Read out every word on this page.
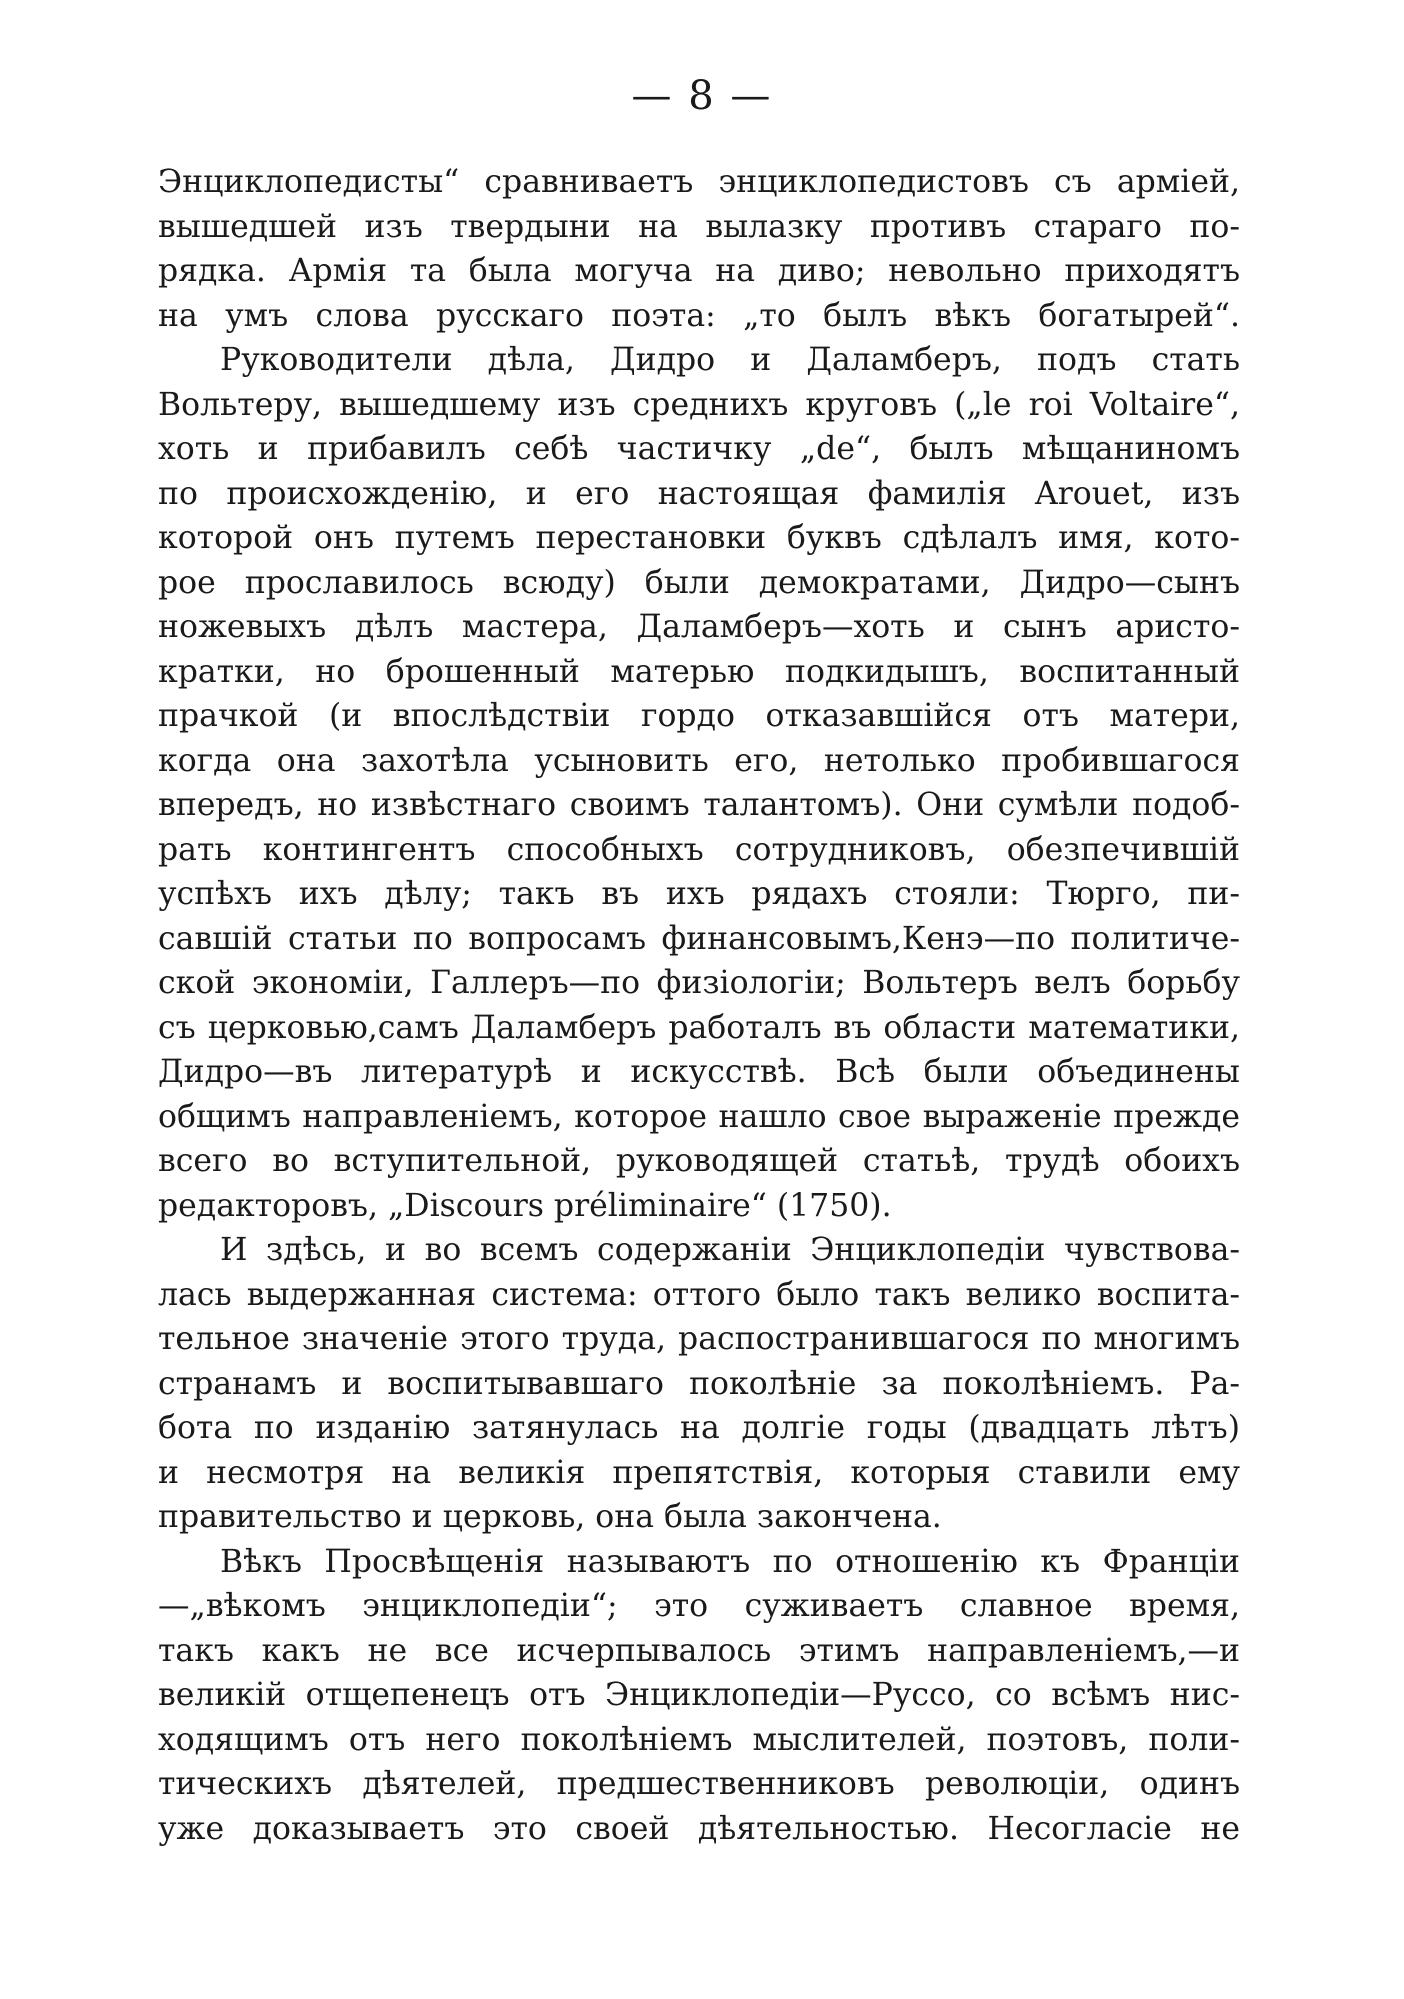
— 8 —
Энциклопедисты“ сравниваетъ энциклопедистовъ съ арміей,
вышедшей изъ твердыни на вылазку противъ стараго по-
рядка. Армія та была могуча на диво; невольно приходятъ
на умъ слова русскаго поэта: „то былъ вѣкъ богатырей“.
Руководители дѣла, Дидро и Даламберъ, подъ стать
Вольтеру, вышедшему изъ среднихъ круговъ („le roi Voltaire“,
хоть и прибавилъ себѣ частичку „de“, былъ мѣщаниномъ
по происхожденію, и его настоящая фамилія Arouet, изъ
которой онъ путемъ перестановки буквъ сдѣлалъ имя, кото-
рое прославилось всюду) были демократами, Дидро—сынъ
ножевыхъ дѣлъ мастера, Даламберъ—хоть и сынъ аристо-
кратки, но брошенный матерью подкидышъ, воспитанный
прачкой (и впослѣдствіи гордо отказавшійся отъ матери,
когда она захотѣла усыновить его, нетолько пробившагося
впередъ, но извѣстнаго своимъ талантомъ). Они сумѣли подоб-
рать контингентъ способныхъ сотрудниковъ, обезпечившій
успѣхъ ихъ дѣлу; такъ въ ихъ рядахъ стояли: Тюрго, пи-
савшій статьи по вопросамъ финансовымъ,Кенэ—по политиче-
ской экономіи, Галлеръ—по физіологіи; Вольтеръ велъ борьбу
съ церковью,самъ Даламберъ работалъ въ области математики,
Дидро—въ литературѣ и искусствѣ. Всѣ были объединены
общимъ направленіемъ, которое нашло свое выраженіе прежде
всего во вступительной, руководящей статьѣ, трудѣ обоихъ
редакторовъ, „Discours préliminaire“ (1750).
И здѣсь, и во всемъ содержаніи Энциклопедіи чувствова-
лась выдержанная система: оттого было такъ велико воспита-
тельное значеніе этого труда, распостранившагося по многимъ
странамъ и воспитывавшаго поколѣніе за поколѣніемъ. Ра-
бота по изданію затянулась на долгіе годы (двадцать лѣтъ)
и несмотря на великія препятствія, которыя ставили ему
правительство и церковь, она была закончена.
Вѣкъ Просвѣщенія называютъ по отношенію къ Франціи
—„вѣкомъ энциклопедіи“; это суживаетъ славное время,
такъ какъ не все исчерпывалось этимъ направленіемъ,—и
великій отщепенецъ отъ Энциклопедіи—Руссо, со всѣмъ нис-
ходящимъ отъ него поколѣніемъ мыслителей, поэтовъ, поли-
тическихъ дѣятелей, предшественниковъ революціи, одинъ
уже доказываетъ это своей дѣятельностью. Несогласіе не
